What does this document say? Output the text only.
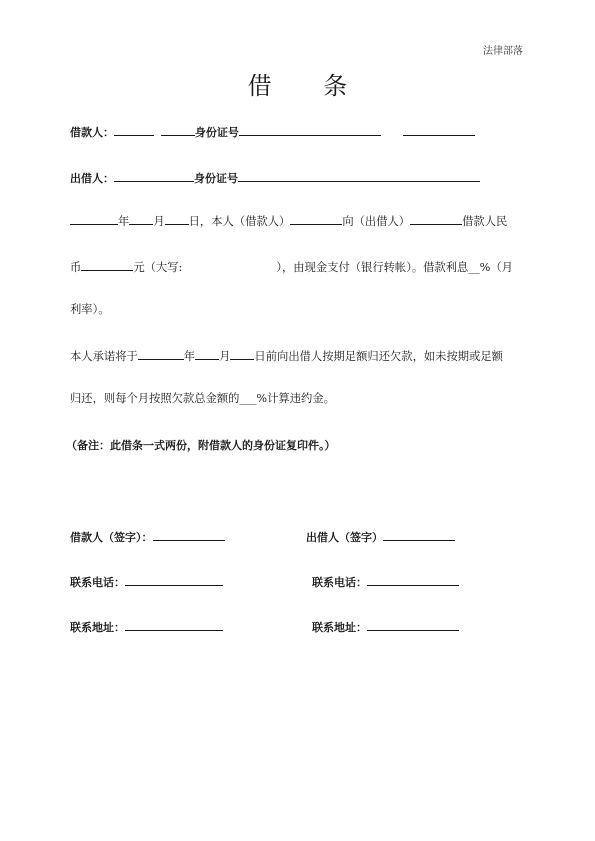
法律部落
借 条
借款人：	身份证号
出借人：	身份证号
年 月 日，本人（借款人）	向（出借人）	借款人民
币	元（大写:	），由现金支付（银行转帐）。借款利息__%（月
利率）。
本人承诺将于	年 月 日前向出借人按期足额归还欠款，如未按期或足额
归还，则每个月按照欠款总金额的___%计算违约金。
（备注：此借条一式两份，附借款人的身份证复印件。）
借款人（签字）：	出借人（签字）
联系电话：	联系电话：
联系地址：	联系地址：
